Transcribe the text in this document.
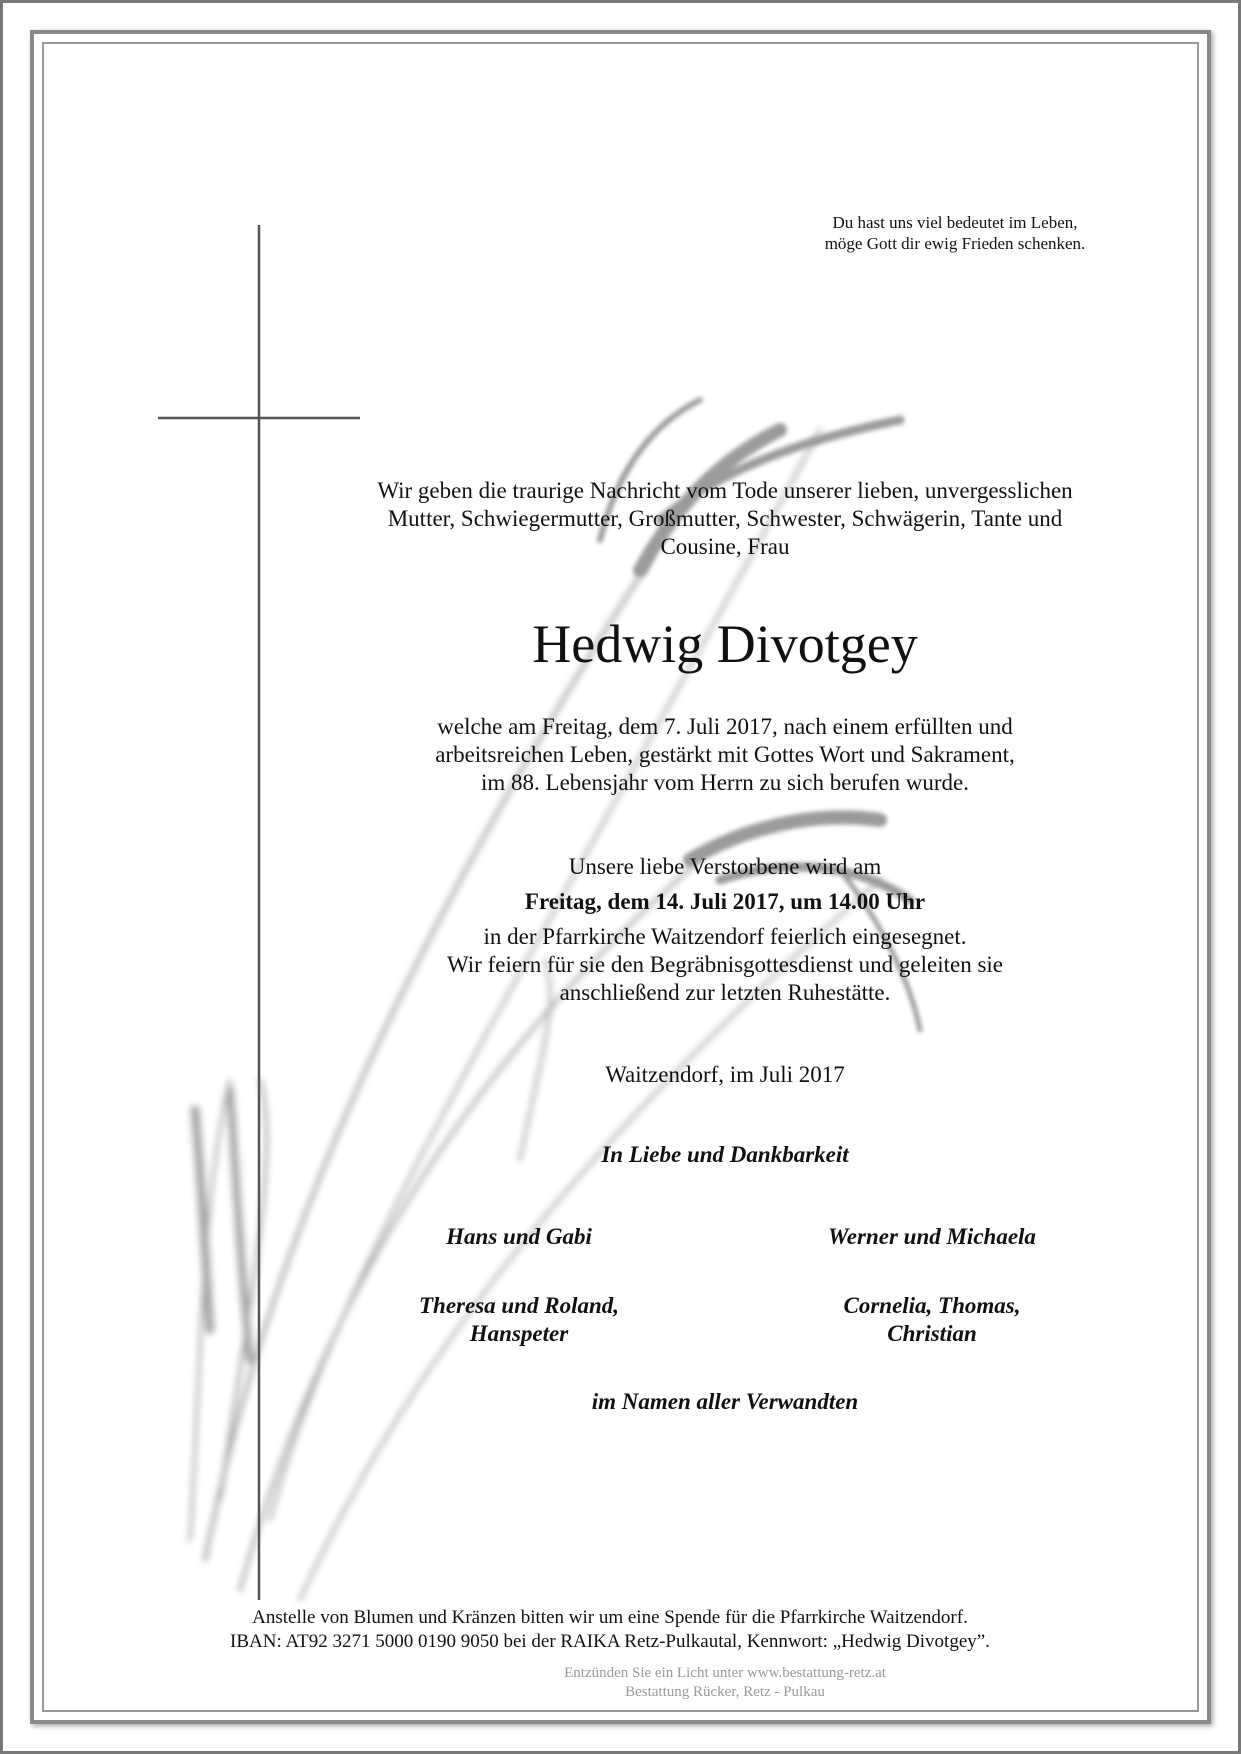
Du hast uns viel bedeutet im Leben,
möge Gott dir ewig Frieden schenken.
Wir geben die traurige Nachricht vom Tode unserer lieben, unvergesslichen
Mutter, Schwiegermutter, Großmutter, Schwester, Schwägerin, Tante und
Cousine, Frau
Hedwig Divotgey
welche am Freitag, dem 7. Juli 2017, nach einem erfüllten und
arbeitsreichen Leben, gestärkt mit Gottes Wort und Sakrament,
im 88. Lebensjahr vom Herrn zu sich berufen wurde.
Unsere liebe Verstorbene wird am
Freitag, dem 14. Juli 2017, um 14.00 Uhr
in der Pfarrkirche Waitzendorf feierlich eingesegnet.
Wir feiern für sie den Begräbnisgottesdienst und geleiten sie
anschließend zur letzten Ruhestätte.
Waitzendorf, im Juli 2017
In Liebe und Dankbarkeit
Hans und Gabi	Werner und Michaela
Theresa und Roland,
Hanspeter
Cornelia, Thomas,
Christian
im Namen aller Verwandten
Anstelle von Blumen und Kränzen bitten wir um eine Spende für die Pfarrkirche Waitzendorf.
IBAN: AT92 3271 5000 0190 9050 bei der RAIKA Retz-Pulkautal, Kennwort: „Hedwig Divotgey”.
Entzünden Sie ein Licht unter www.bestattung-retz.at
Bestattung Rücker, Retz - Pulkau
